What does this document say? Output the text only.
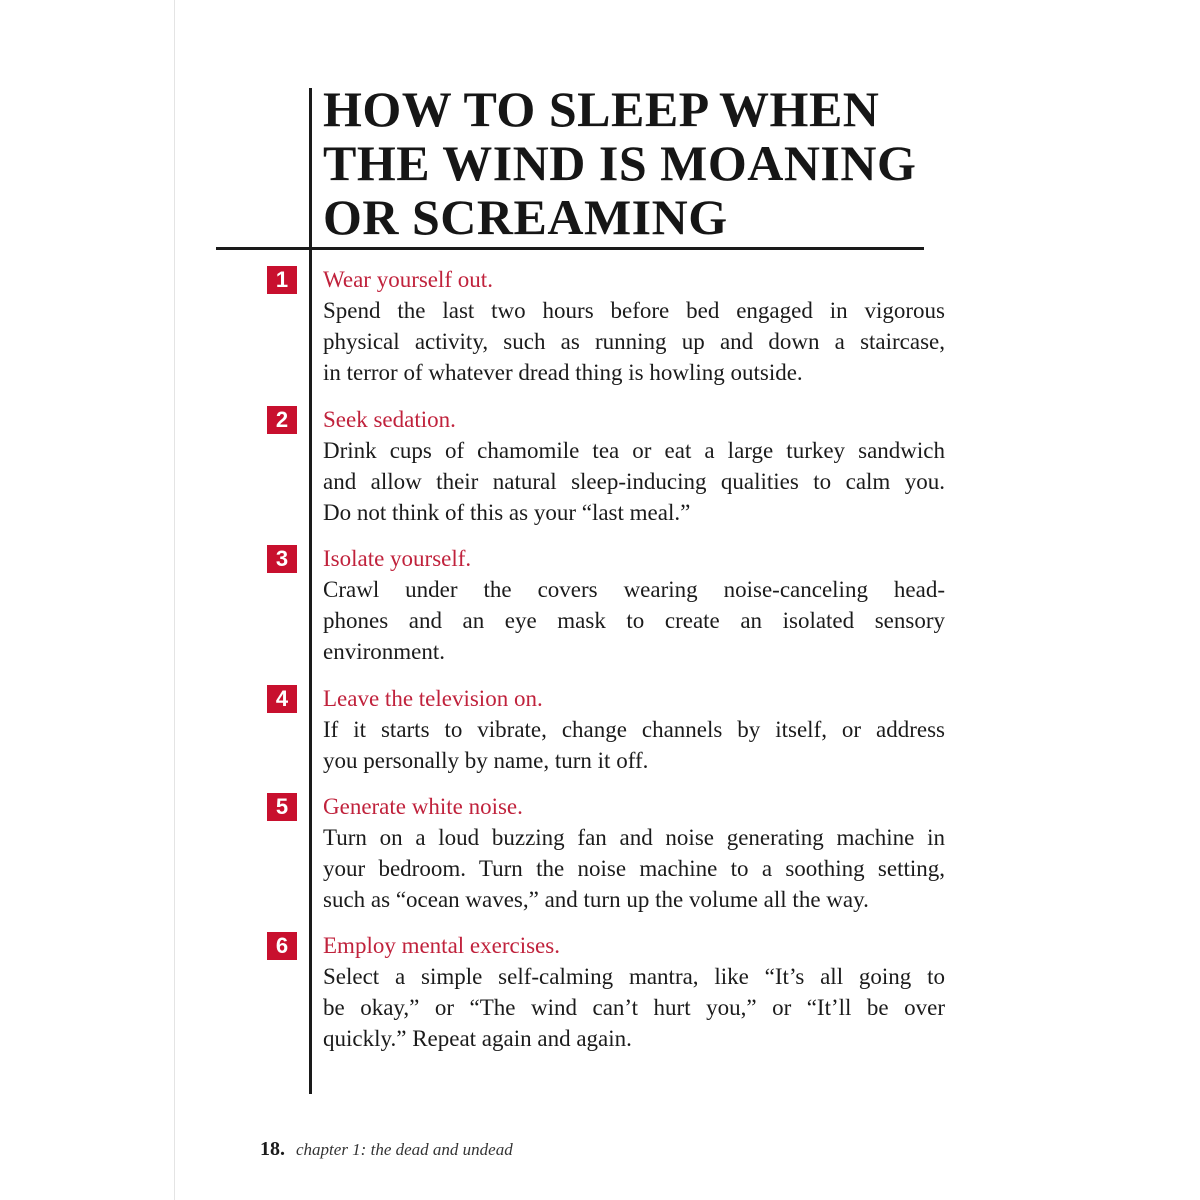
HOW TO SLEEP WHEN
THE WIND IS MOANING
OR SCREAMING
1	Wear yourself out.
Spend the last two hours before bed engaged in vigorous
physical activity, such as running up and down a staircase,
in terror of whatever dread thing is howling outside.
2	Seek sedation.
Drink cups of chamomile tea or eat a large turkey sandwich
and allow their natural sleep-inducing qualities to calm you.
Do not think of this as your “last meal.”
3	Isolate yourself.
Crawl under the covers wearing noise-canceling head-
phones and an eye mask to create an isolated sensory
environment.
4	Leave the television on.
If it starts to vibrate, change channels by itself, or address
you personally by name, turn it off.
5	Generate white noise.
Turn on a loud buzzing fan and noise generating machine in
your bedroom. Turn the noise machine to a soothing setting,
such as “ocean waves,” and turn up the volume all the way.
6	Employ mental exercises.
Select a simple self-calming mantra, like “It’s all going to
be okay,” or “The wind can’t hurt you,” or “It’ll be over
quickly.” Repeat again and again.
18. chapter 1: the dead and undead
